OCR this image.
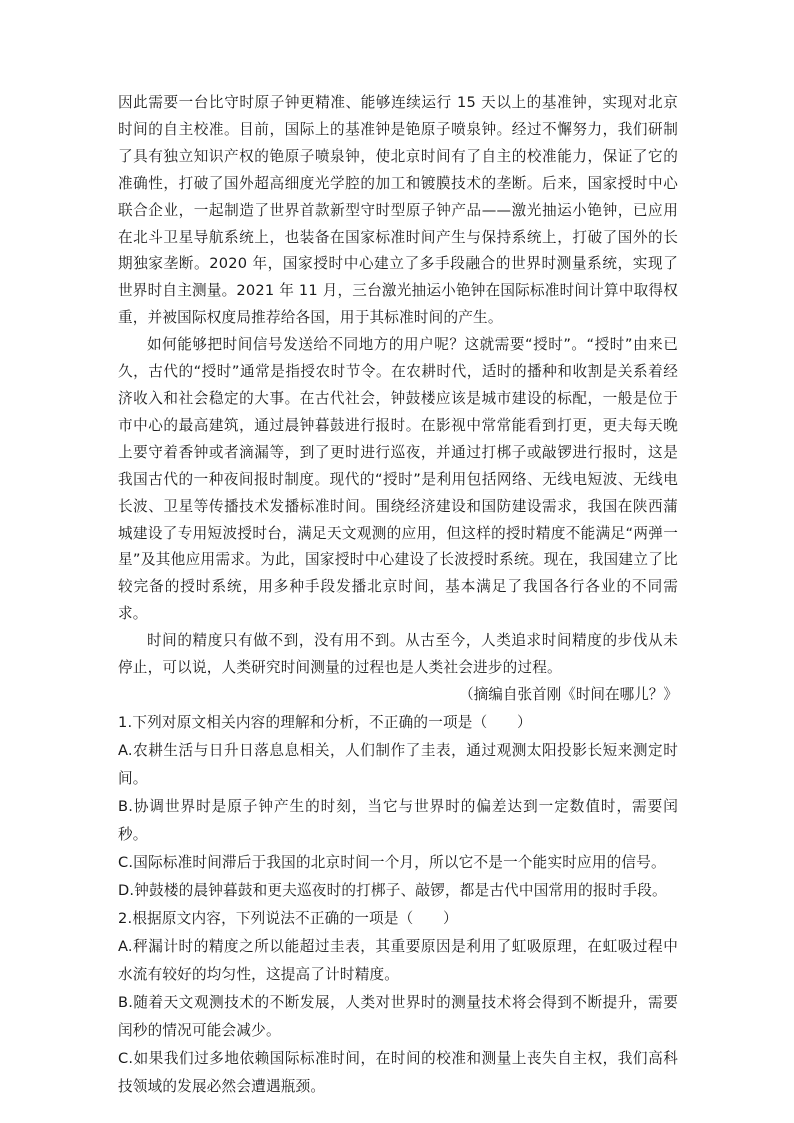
因此需要一台比守时原子钟更精准、能够连续运行 15 天以上的基准钟，实现对北京时间的自主校准。目前，国际上的基准钟是铯原子喷泉钟。经过不懈努力，我们研制了具有独立知识产权的铯原子喷泉钟，使北京时间有了自主的校准能力，保证了它的准确性，打破了国外超高细度光学腔的加工和镀膜技术的垄断。后来，国家授时中心联合企业，一起制造了世界首款新型守时型原子钟产品——激光抽运小铯钟，已应用在北斗卫星导航系统上，也装备在国家标准时间产生与保持系统上，打破了国外的长期独家垄断。2020 年，国家授时中心建立了多手段融合的世界时测量系统，实现了世界时自主测量。2021 年 11 月，三台激光抽运小铯钟在国际标准时间计算中取得权重，并被国际权度局推荐给各国，用于其标准时间的产生。

如何能够把时间信号发送给不同地方的用户呢？这就需要“授时”。“授时”由来已久，古代的“授时”通常是指授农时节令。在农耕时代，适时的播种和收割是关系着经济收入和社会稳定的大事。在古代社会，钟鼓楼应该是城市建设的标配，一般是位于市中心的最高建筑，通过晨钟暮鼓进行报时。在影视中常常能看到打更，更夫每天晚上要守着香钟或者滴漏等，到了更时进行巡夜，并通过打梆子或敲锣进行报时，这是我国古代的一种夜间报时制度。现代的“授时”是利用包括网络、无线电短波、无线电长波、卫星等传播技术发播标准时间。围绕经济建设和国防建设需求，我国在陕西蒲城建设了专用短波授时台，满足天文观测的应用，但这样的授时精度不能满足“两弹一星”及其他应用需求。为此，国家授时中心建设了长波授时系统。现在，我国建立了比较完备的授时系统，用多种手段发播北京时间，基本满足了我国各行各业的不同需求。

时间的精度只有做不到，没有用不到。从古至今，人类追求时间精度的步伐从未停止，可以说，人类研究时间测量的过程也是人类社会进步的过程。

（摘编自张首刚《时间在哪儿？》

1.下列对原文相关内容的理解和分析，不正确的一项是（　　）

A.农耕生活与日升日落息息相关，人们制作了圭表，通过观测太阳投影长短来测定时间。

B.协调世界时是原子钟产生的时刻，当它与世界时的偏差达到一定数值时，需要闰秒。

C.国际标准时间滞后于我国的北京时间一个月，所以它不是一个能实时应用的信号。

D.钟鼓楼的晨钟暮鼓和更夫巡夜时的打梆子、敲锣，都是古代中国常用的报时手段。

2.根据原文内容，下列说法不正确的一项是（　　）

A.秤漏计时的精度之所以能超过圭表，其重要原因是利用了虹吸原理，在虹吸过程中水流有较好的均匀性，这提高了计时精度。

B.随着天文观测技术的不断发展，人类对世界时的测量技术将会得到不断提升，需要闰秒的情况可能会减少。

C.如果我们过多地依赖国际标准时间，在时间的校准和测量上丧失自主权，我们高科技领域的发展必然会遭遇瓶颈。
